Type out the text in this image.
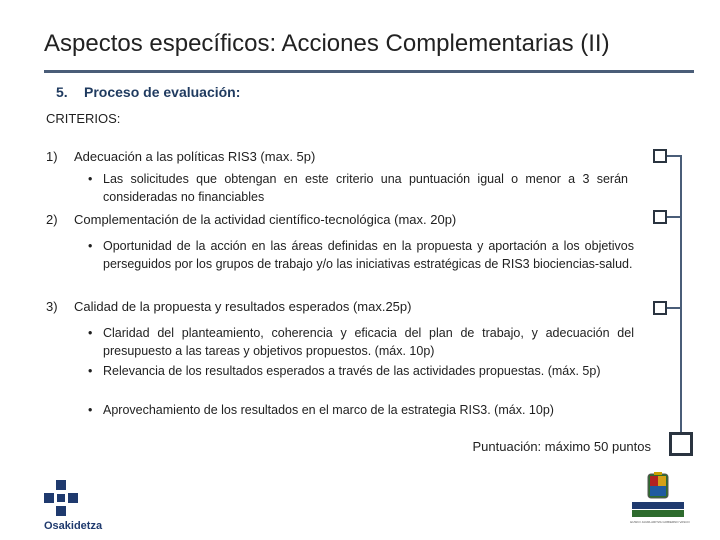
Aspectos específicos: Acciones Complementarias (II)
5. Proceso de evaluación:
CRITERIOS:
1) Adecuación a las políticas RIS3 (max. 5p)
• Las solicitudes que obtengan en este criterio una puntuación igual o menor a 3 serán consideradas no financiables
2) Complementación de la actividad científico-tecnológica (max. 20p)
• Oportunidad de la acción en las áreas definidas en la propuesta y aportación a los objetivos perseguidos por los grupos de trabajo y/o las iniciativas estratégicas de RIS3 biociencias-salud.
3) Calidad de la propuesta y resultados esperados (max.25p)
• Claridad del planteamiento, coherencia y eficacia del plan de trabajo, y adecuación del presupuesto a las tareas y objetivos propuestos. (máx. 10p)
• Relevancia de los resultados esperados a través de las actividades propuestas. (máx. 5p)
• Aprovechamiento de los resultados en el marco de la estrategia RIS3. (máx. 10p)
Puntuación: máximo 50 puntos
Osakidetza	EUSKO JAURLARITZA GOBIERNO VASCO
